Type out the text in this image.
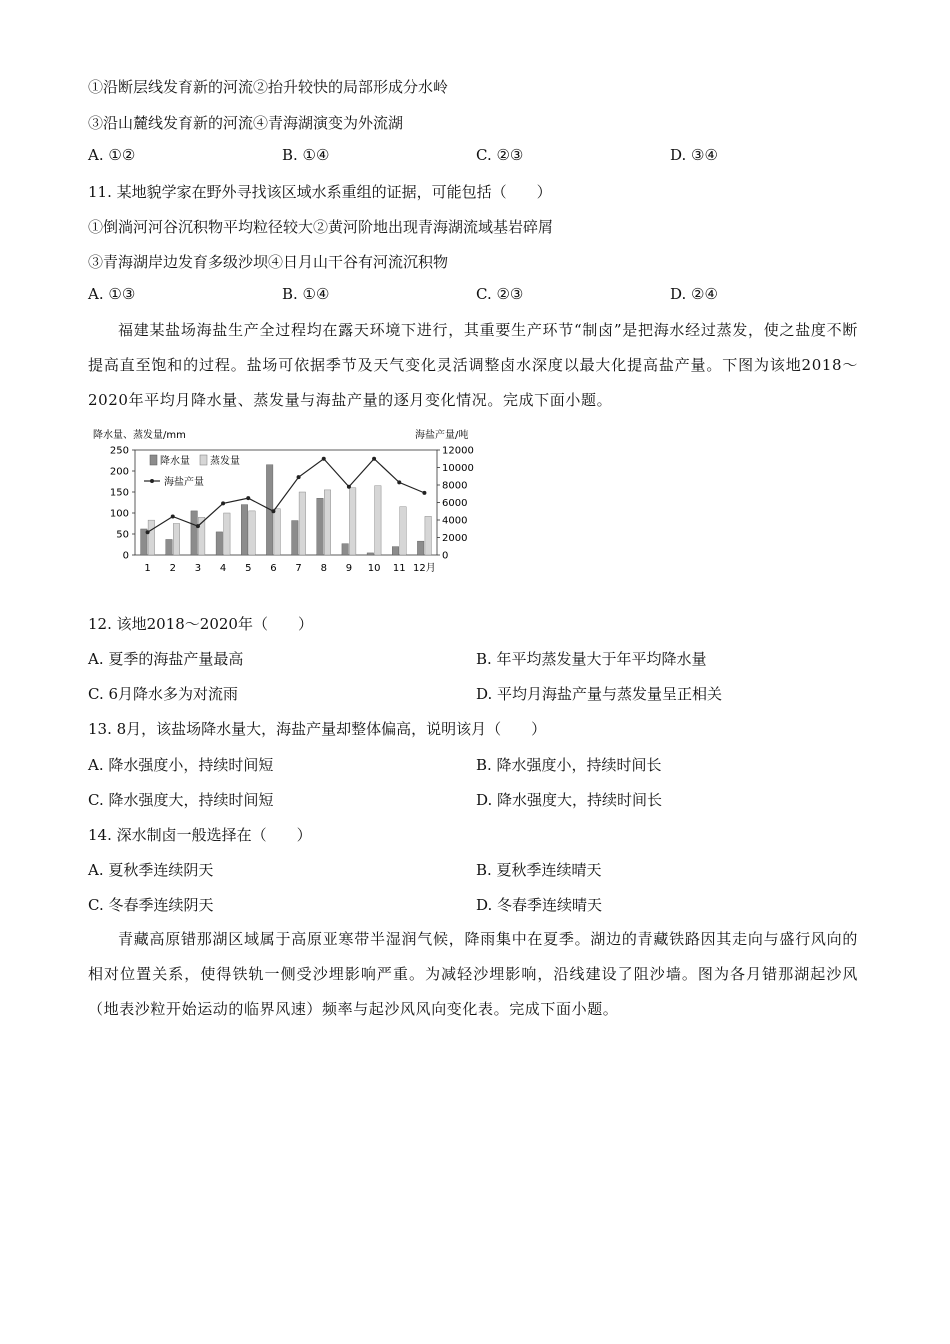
①沿断层线发育新的河流②抬升较快的局部形成分水岭
③沿山麓线发育新的河流④青海湖演变为外流湖
A. ①②	B. ①④	C. ②③	D. ③④
11. 某地貌学家在野外寻找该区域水系重组的证据，可能包括（　　）
①倒淌河河谷沉积物平均粒径较大②黄河阶地出现青海湖流域基岩碎屑
③青海湖岸边发育多级沙坝④日月山干谷有河流沉积物
A. ①③	B. ①④	C. ②③	D. ②④
福建某盐场海盐生产全过程均在露天环境下进行，其重要生产环节“制卤”是把海水经过蒸发，使之盐度不断提高直至饱和的过程。盐场可依据季节及天气变化灵活调整卤水深度以最大化提高盐产量。下图为该地2018～2020年平均月降水量、蒸发量与海盐产量的逐月变化情况。完成下面小题。
降水量、蒸发量/mm	海盐产量/吨
0
50
100
150
200
250
0
2000
4000
6000
8000
10000
12000
1 2 3 4 5 6 7 8 9 10 11 12月
降水量 蒸发量
海盐产量
12. 该地2018～2020年（　　）
A. 夏季的海盐产量最高	B. 年平均蒸发量大于年平均降水量
C. 6月降水多为对流雨	D. 平均月海盐产量与蒸发量呈正相关
13. 8月，该盐场降水量大，海盐产量却整体偏高，说明该月（　　）
A. 降水强度小，持续时间短	B. 降水强度小，持续时间长
C. 降水强度大，持续时间短	D. 降水强度大，持续时间长
14. 深水制卤一般选择在（　　）
A. 夏秋季连续阴天	B. 夏秋季连续晴天
C. 冬春季连续阴天	D. 冬春季连续晴天
青藏高原错那湖区域属于高原亚寒带半湿润气候，降雨集中在夏季。湖边的青藏铁路因其走向与盛行风向的相对位置关系，使得铁轨一侧受沙埋影响严重。为减轻沙埋影响，沿线建设了阻沙墙。图为各月错那湖起沙风（地表沙粒开始运动的临界风速）频率与起沙风风向变化表。完成下面小题。
